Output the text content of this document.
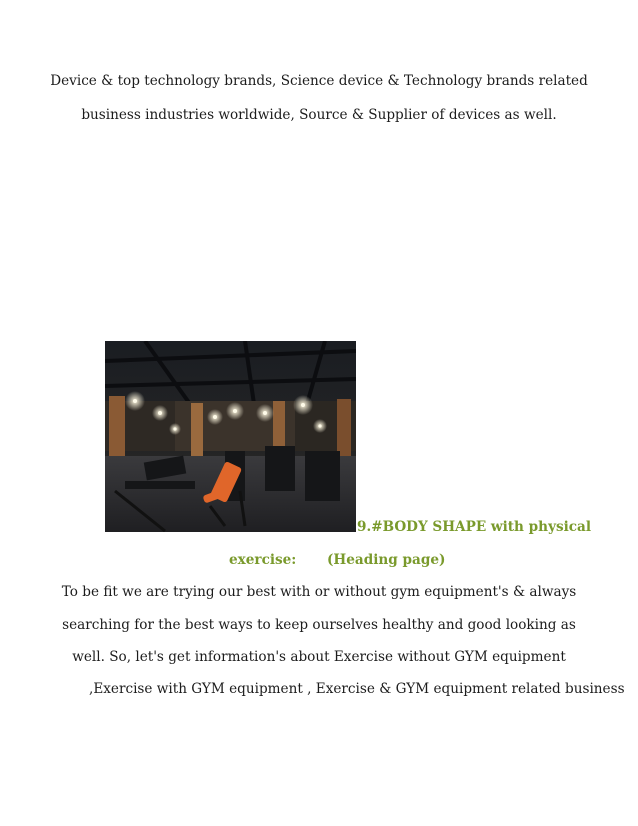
Device & top technology brands, Science device & Technology brands related
business industries worldwide, Source & Supplier of devices as well.
9.#BODY SHAPE with physical
exercise: (Heading page)
To be fit we are trying our best with or without gym equipment's & always
searching for the best ways to keep ourselves healthy and good looking as
well. So, let's get information's about Exercise without GYM equipment
,Exercise with GYM equipment , Exercise & GYM equipment related business
